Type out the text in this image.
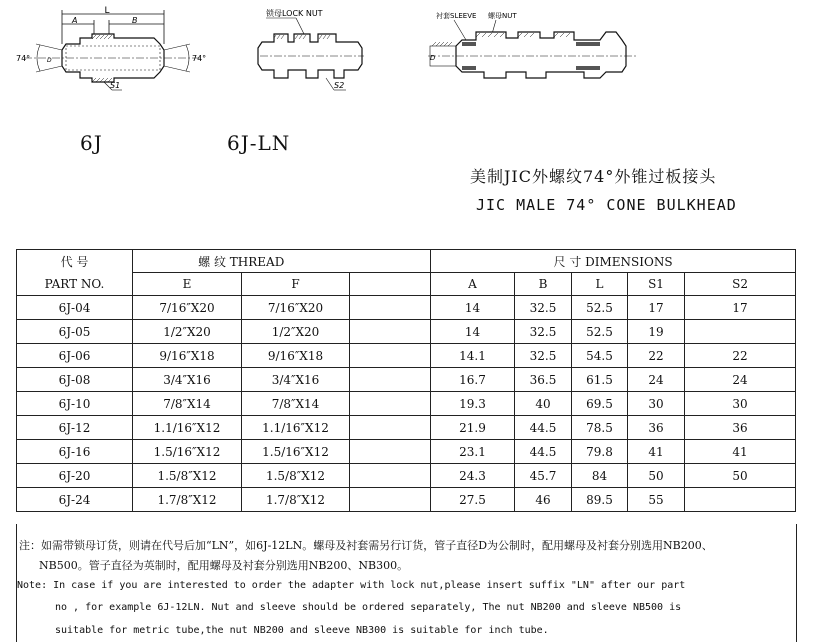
L
A	B
74°	74°
D
S1
锁母LOCK NUT
S2
衬套SLEEVE 螺母NUT
D
6J	6J-LN
美制JIC外螺纹74°外锥过板接头
JIC MALE 74° CONE BULKHEAD
代 号	螺 纹 THREAD			尺 寸 DIMENSIONS				
PART NO.	E	F		A	B	L	S1	S2
6J-04	7/16″X20	7/16″X20		14	32.5	52.5	17	17
6J-05	1/2″X20	1/2″X20		14	32.5	52.5	19	
6J-06	9/16″X18	9/16″X18		14.1	32.5	54.5	22	22
6J-08	3/4″X16	3/4″X16		16.7	36.5	61.5	24	24
6J-10	7/8″X14	7/8″X14		19.3	40	69.5	30	30
6J-12	1.1/16″X12	1.1/16″X12		21.9	44.5	78.5	36	36
6J-16	1.5/16″X12	1.5/16″X12		23.1	44.5	79.8	41	41
6J-20	1.5/8″X12	1.5/8″X12		24.3	45.7	84	50	50
6J-24	1.7/8″X12	1.7/8″X12		27.5	46	89.5	55	
注：如需带锁母订货，则请在代号后加“LN”，如6J-12LN。螺母及衬套需另行订货，管子直径D为公制时，配用螺母及衬套分别选用NB200、
NB500。管子直径为英制时，配用螺母及衬套分别选用NB200、NB300。
Note: In case if you are interested to order the adapter with lock nut,please insert suffix "LN" after our part
no , for example 6J-12LN. Nut and sleeve should be ordered separately, The nut NB200 and sleeve NB500 is
suitable for metric tube,the nut NB200 and sleeve NB300 is suitable for inch tube.
